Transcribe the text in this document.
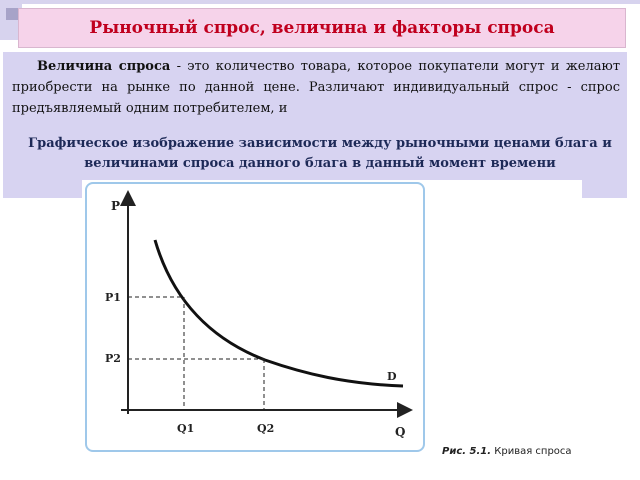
Рыночный спрос, величина и факторы спроса
Величина спроса - это количество товара, которое покупатели могут и желают приобрести на рынке по данной цене. Различают индивидуальный спрос - спрос предъявляемый одним потребителем, и
Графическое изображение зависимости между рыночными ценами блага и величинами спроса данного блага в данный момент времени
P
Q
P1
P2
Q1	Q2
D
Рис. 5.1. Кривая спроса
